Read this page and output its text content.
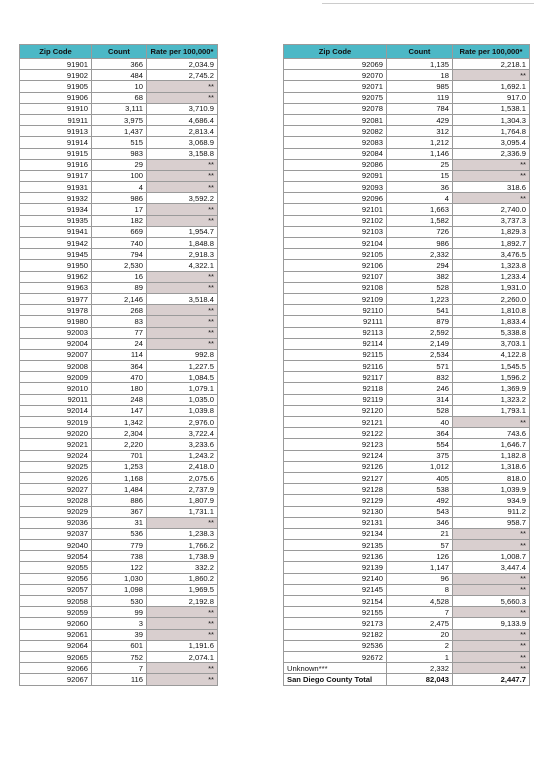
Zip Code	Count	Rate per 100,000*
91901	366	2,034.9
91902	484	2,745.2
91905	10	**
91906	68	**
91910	3,111	3,710.9
91911	3,975	4,686.4
91913	1,437	2,813.4
91914	515	3,068.9
91915	983	3,158.8
91916	29	**
91917	100	**
91931	4	**
91932	986	3,592.2
91934	17	**
91935	182	**
91941	669	1,954.7
91942	740	1,848.8
91945	794	2,918.3
91950	2,530	4,322.1
91962	16	**
91963	89	**
91977	2,146	3,518.4
91978	268	**
91980	83	**
92003	77	**
92004	24	**
92007	114	992.8
92008	364	1,227.5
92009	470	1,084.5
92010	180	1,079.1
92011	248	1,035.0
92014	147	1,039.8
92019	1,342	2,976.0
92020	2,304	3,722.4
92021	2,220	3,233.6
92024	701	1,243.2
92025	1,253	2,418.0
92026	1,168	2,075.6
92027	1,484	2,737.9
92028	886	1,807.9
92029	367	1,731.1
92036	31	**
92037	536	1,238.3
92040	779	1,766.2
92054	738	1,738.9
92055	122	332.2
92056	1,030	1,860.2
92057	1,098	1,969.5
92058	530	2,192.8
92059	99	**
92060	3	**
92061	39	**
92064	601	1,191.6
92065	752	2,074.1
92066	7	**
92067	116	**
Zip Code	Count	Rate per 100,000*
92069	1,135	2,218.1
92070	18	**
92071	985	1,692.1
92075	119	917.0
92078	784	1,538.1
92081	429	1,304.3
92082	312	1,764.8
92083	1,212	3,095.4
92084	1,146	2,336.9
92086	25	**
92091	15	**
92093	36	318.6
92096	4	**
92101	1,663	2,740.0
92102	1,582	3,737.3
92103	726	1,829.3
92104	986	1,892.7
92105	2,332	3,476.5
92106	294	1,323.8
92107	382	1,233.4
92108	528	1,931.0
92109	1,223	2,260.0
92110	541	1,810.8
92111	879	1,833.4
92113	2,592	5,338.8
92114	2,149	3,703.1
92115	2,534	4,122.8
92116	571	1,545.5
92117	832	1,596.2
92118	246	1,369.9
92119	314	1,323.2
92120	528	1,793.1
92121	40	**
92122	364	743.6
92123	554	1,646.7
92124	375	1,182.8
92126	1,012	1,318.6
92127	405	818.0
92128	538	1,039.9
92129	492	934.9
92130	543	911.2
92131	346	958.7
92134	21	**
92135	57	**
92136	126	1,008.7
92139	1,147	3,447.4
92140	96	**
92145	8	**
92154	4,528	5,660.3
92155	7	**
92173	2,475	9,133.9
92182	20	**
92536	2	**
92672	1	**
Unknown***	2,332	**
San Diego County Total	82,043	2,447.7
